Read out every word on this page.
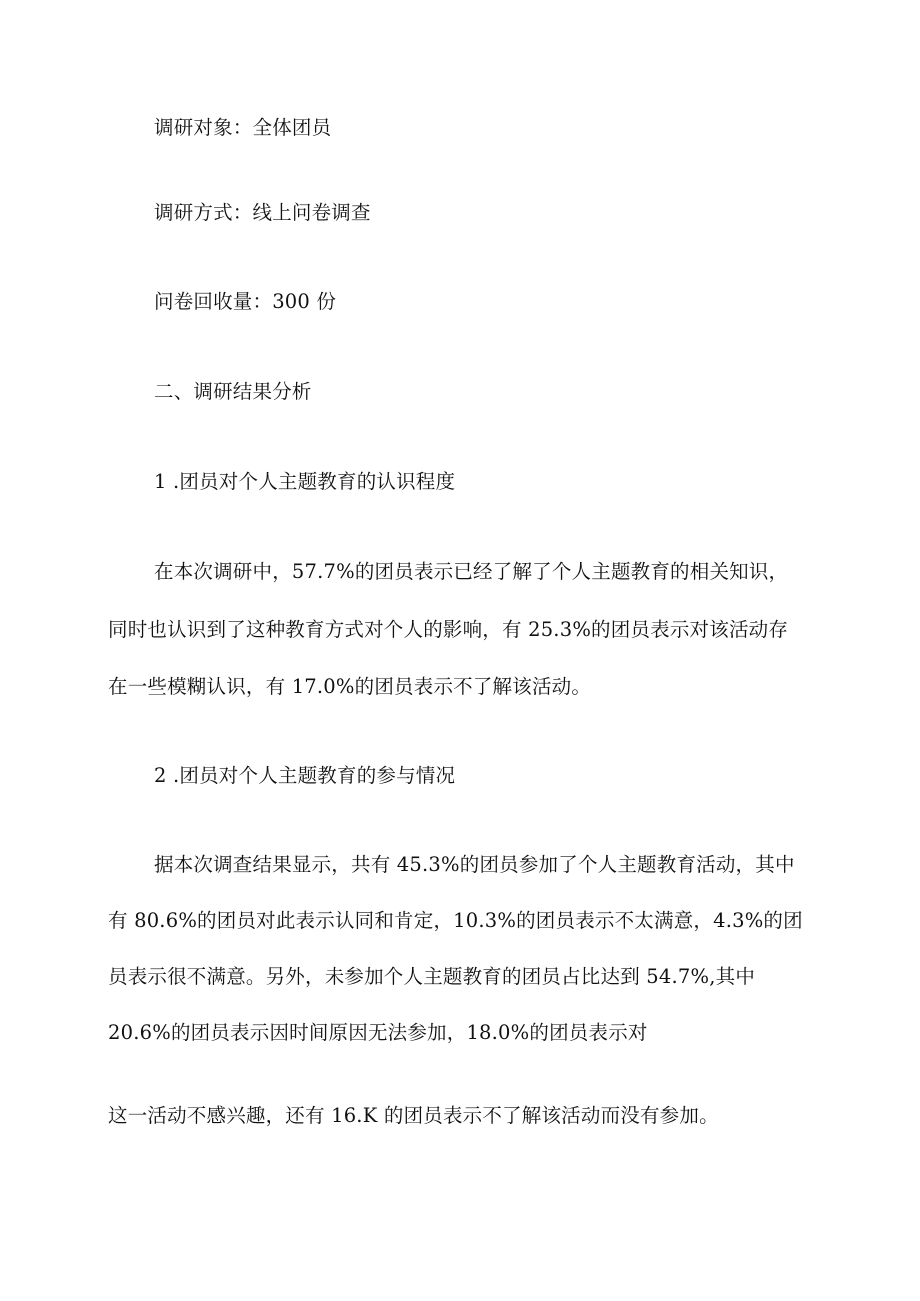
调研对象：全体团员
调研方式：线上问卷调查
问卷回收量：300 份
二、调研结果分析
1 .团员对个人主题教育的认识程度
在本次调研中，57.7%的团员表示已经了解了个人主题教育的相关知识，
同时也认识到了这种教育方式对个人的影响，有 25.3%的团员表示对该活动存
在一些模糊认识，有 17.0%的团员表示不了解该活动。
2 .团员对个人主题教育的参与情况
据本次调查结果显示，共有 45.3%的团员参加了个人主题教育活动，其中
有 80.6%的团员对此表示认同和肯定，10.3%的团员表示不太满意，4.3%的团
员表示很不满意。另外，未参加个人主题教育的团员占比达到 54.7%,其中
20.6%的团员表示因时间原因无法参加，18.0%的团员表示对
这一活动不感兴趣，还有 16.K 的团员表示不了解该活动而没有参加。
